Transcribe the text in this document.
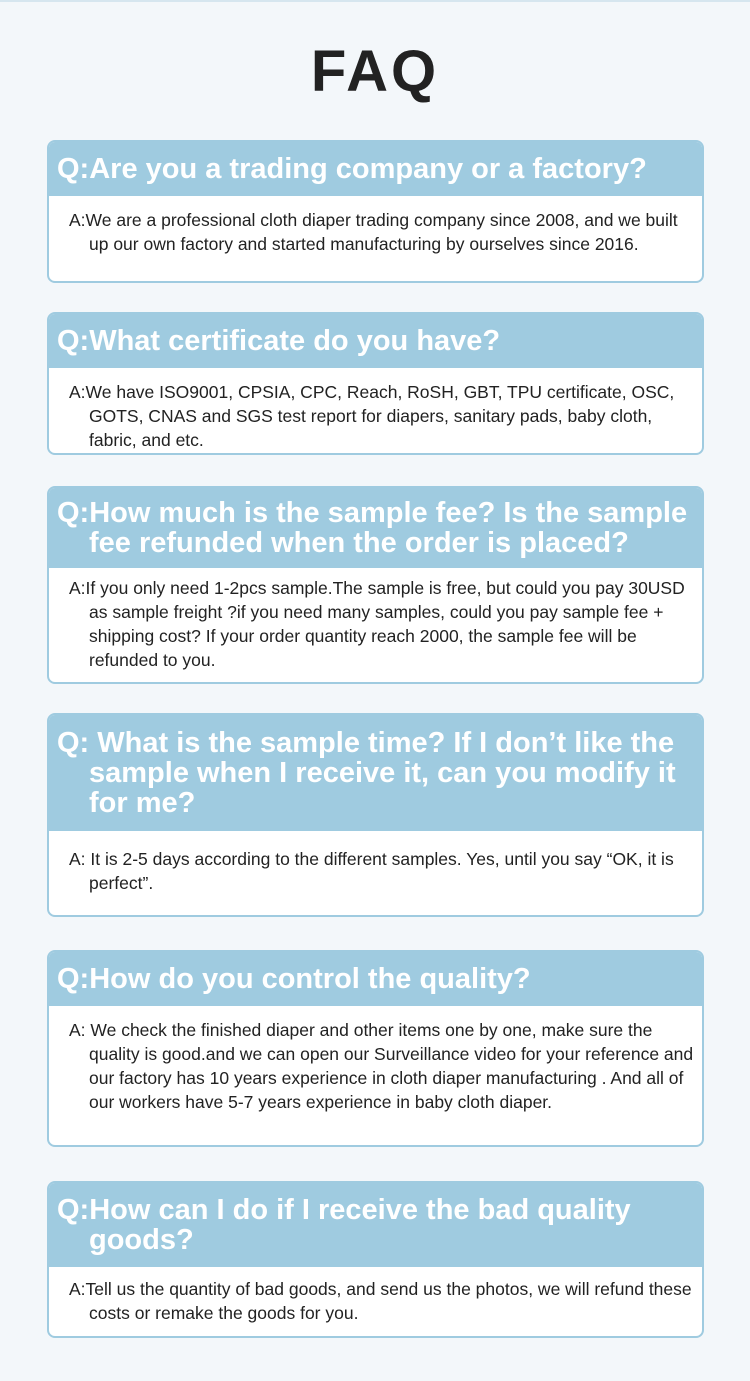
FAQ
Q:Are you a trading company or a factory?
A:We are a professional cloth diaper trading company since 2008, and we built up our own factory and started manufacturing by ourselves since 2016.
Q:What certificate do you have?
A:We have ISO9001, CPSIA, CPC, Reach, RoSH, GBT, TPU certificate, OSC, GOTS, CNAS and SGS test report for diapers, sanitary pads, baby cloth, fabric, and etc.
Q:How much is the sample fee? Is the sample fee refunded when the order is placed?
A:If you only need 1-2pcs sample.The sample is free, but could you pay 30USD as sample freight ?if you need many samples, could you pay sample fee + shipping cost? If your order quantity reach 2000, the sample fee will be refunded to you.
Q: What is the sample time? If I don’t like the sample when I receive it, can you modify it for me?
A: It is 2-5 days according to the different samples. Yes, until you say “OK, it is perfect”.
Q:How do you control the quality?
A: We check the finished diaper and other items one by one, make sure the quality is good.and we can open our Surveillance video for your reference and our factory has 10 years experience in cloth diaper manufacturing . And all of our workers have 5-7 years experience in baby cloth diaper.
Q:How can I do if I receive the bad quality goods?
A:Tell us the quantity of bad goods, and send us the photos, we will refund these costs or remake the goods for you.
